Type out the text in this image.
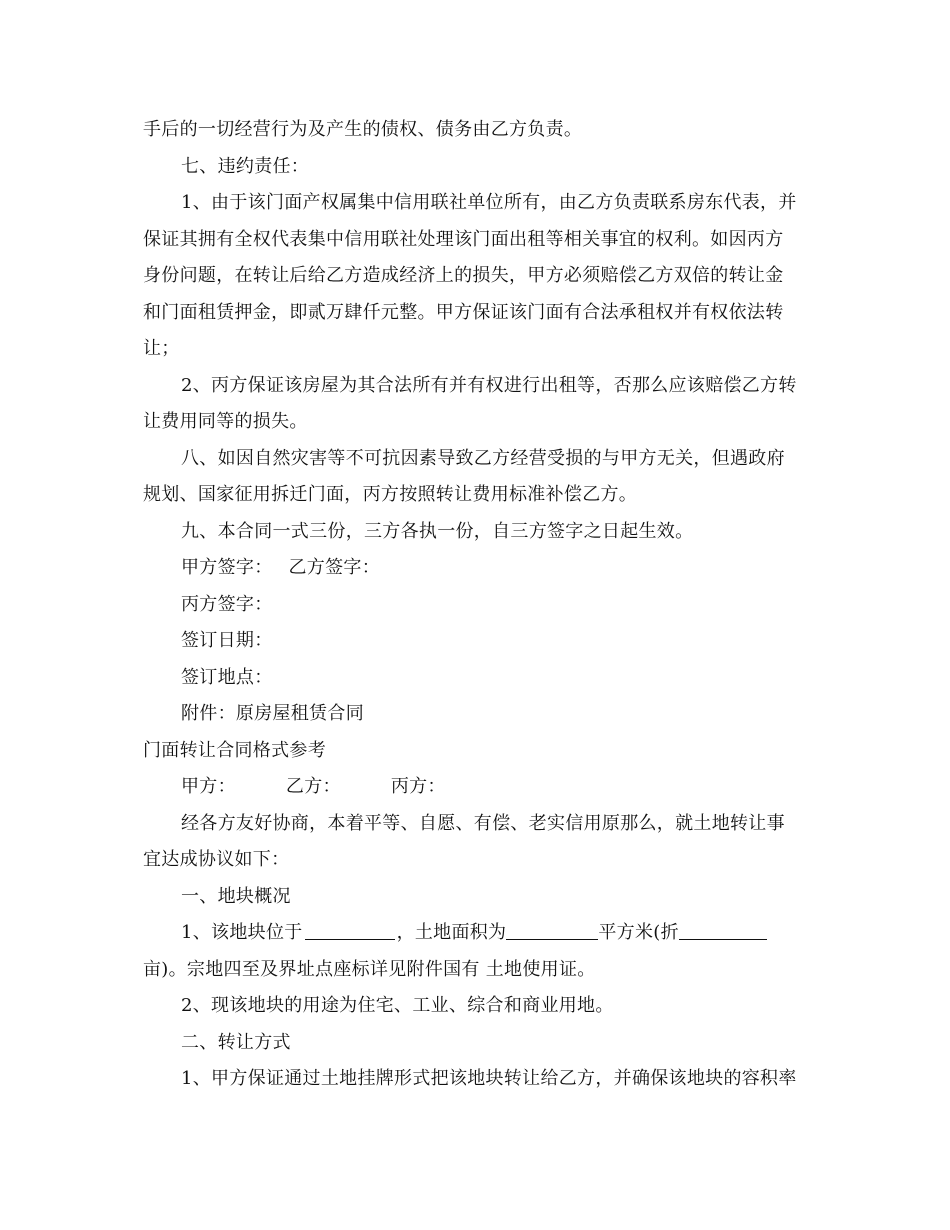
手后的一切经营行为及产生的债权、债务由乙方负责。

七、违约责任：

1、由于该门面产权属集中信用联社单位所有，由乙方负责联系房东代表，并

保证其拥有全权代表集中信用联社处理该门面出租等相关事宜的权利。如因丙方

身份问题，在转让后给乙方造成经济上的损失，甲方必须赔偿乙方双倍的转让金

和门面租赁押金，即贰万肆仟元整。甲方保证该门面有合法承租权并有权依法转

让；

2、丙方保证该房屋为其合法所有并有权进行出租等，否那么应该赔偿乙方转

让费用同等的损失。

八、如因自然灾害等不可抗因素导致乙方经营受损的与甲方无关，但遇政府

规划、国家征用拆迁门面，丙方按照转让费用标准补偿乙方。

九、本合同一式三份，三方各执一份，自三方签字之日起生效。

甲方签字： 乙方签字：

丙方签字：

签订日期：

签订地点：

附件：原房屋租赁合同

门面转让合同格式参考

甲方：	乙方：	丙方：

经各方友好协商，本着平等、自愿、有偿、老实信用原那么，就土地转让事

宜达成协议如下：

一、地块概况

1、该地块位于	，土地面积为	平方米(折

亩)。宗地四至及界址点座标详见附件国有 土地使用证。

2、现该地块的用途为住宅、工业、综合和商业用地。

二、转让方式

1、甲方保证通过土地挂牌形式把该地块转让给乙方，并确保该地块的容积率
